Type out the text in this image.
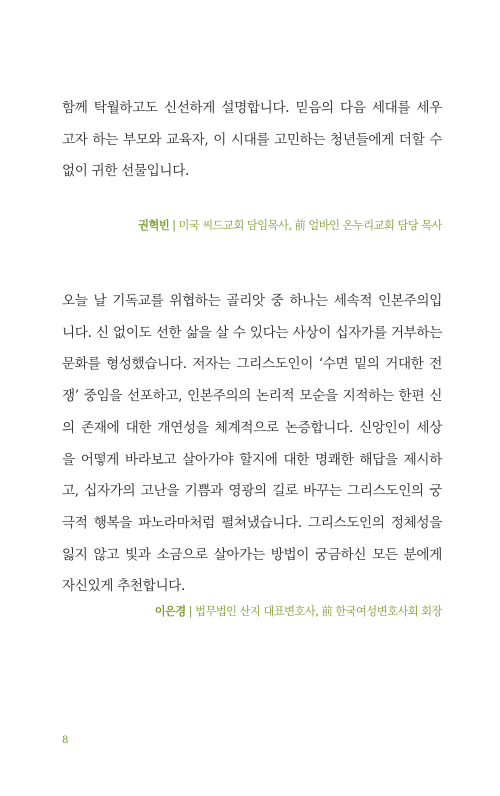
함께 탁월하고도 신선하게 설명합니다. 믿음의 다음 세대를 세우
고자 하는 부모와 교육자, 이 시대를 고민하는 청년들에게 더할 수
없이 귀한 선물입니다.
권혁빈 | 미국 씨드교회 담임목사, 前 얼바인 온누리교회 담당 목사
오늘 날 기독교를 위협하는 골리앗 중 하나는 세속적 인본주의입
니다. 신 없이도 선한 삶을 살 수 있다는 사상이 십자가를 거부하는
문화를 형성했습니다. 저자는 그리스도인이 ‘수면 밑의 거대한 전
쟁’ 중임을 선포하고, 인본주의의 논리적 모순을 지적하는 한편 신
의 존재에 대한 개연성을 체계적으로 논증합니다. 신앙인이 세상
을 어떻게 바라보고 살아가야 할지에 대한 명쾌한 해답을 제시하
고, 십자가의 고난을 기쁨과 영광의 길로 바꾸는 그리스도인의 궁
극적 행복을 파노라마처럼 펼쳐냈습니다. 그리스도인의 정체성을
잃지 않고 빛과 소금으로 살아가는 방법이 궁금하신 모든 분에게
자신있게 추천합니다.
이은경 | 법무법인 산지 대표변호사, 前 한국여성변호사회 회장
8
